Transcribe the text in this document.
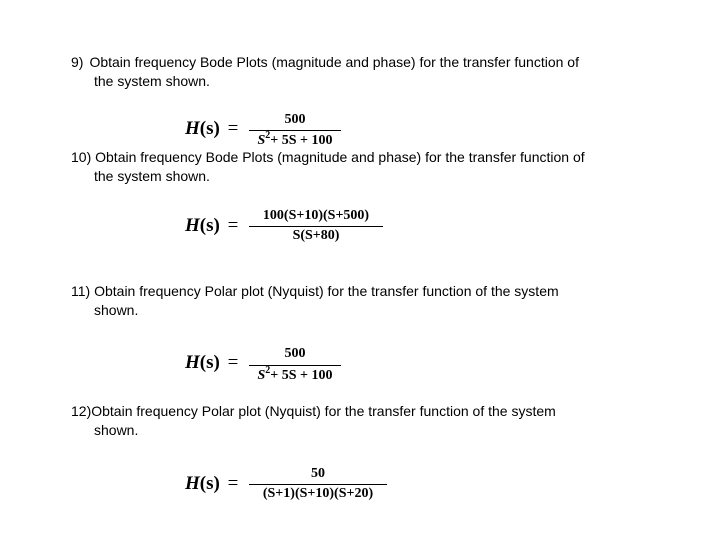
9) Obtain frequency Bode Plots (magnitude and phase) for the transfer function of
the system shown.
H(s) =	500
$S^2+ 5S + 100$
10) Obtain frequency Bode Plots (magnitude and phase) for the transfer function of
the system shown.
H(s) =	100(S+10)(S+500)
S(S+80)
11) Obtain frequency Polar plot (Nyquist) for the transfer function of the system
shown.
H(s) =	500
$S^2+ 5S + 100$
12)Obtain frequency Polar plot (Nyquist) for the transfer function of the system
shown.
H(s) =	50
(S+1)(S+10)(S+20)
